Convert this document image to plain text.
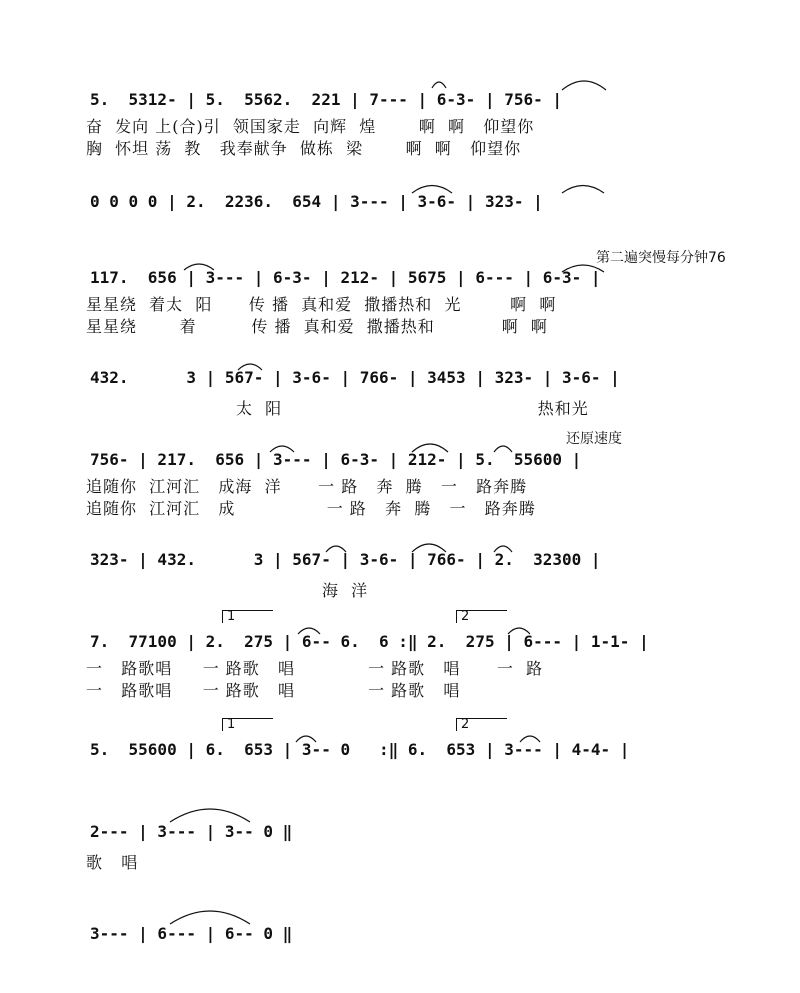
5.  5312- | 5.  5562.  221 | 7--- | 6-3- | 756- |
奋  发向 上(合)引  领国家走  向辉  煌       啊  啊   仰望你
胸  怀坦 荡  教   我奉献争  做栋  梁       啊  啊   仰望你
0 0 0 0 | 2.  2236.  654 | 3--- | 3-6- | 323- |
第二遍突慢每分钟76
117.  656 | 3--- | 6-3- | 212- | 5675 | 6--- | 6-3- |
星星绕  着太  阳      传 播  真和爱  撒播热和  光        啊  啊
星星绕       着         传 播  真和爱  撒播热和           啊  啊
432.      3 | 567- | 3-6- | 766- | 3453 | 323- | 3-6- |
太  阳                                          热和光
还原速度
756- | 217.  656 | 3--- | 6-3- | 212- | 5.  55600 |
追随你  江河汇   成海  洋      一 路   奔  腾   一   路奔腾
追随你  江河汇   成               一 路   奔  腾   一   路奔腾
323- | 432.      3 | 567- | 3-6- | 766- | 2.  32300 |
海  洋
1	2
7.  77100 | 2.  275 | 6-- 6.  6 :‖ 2.  275 | 6--- | 1-1- |
一   路歌唱     一 路歌   唱            一 路歌   唱      一  路
一   路歌唱     一 路歌   唱            一 路歌   唱
1	2
5.  55600 | 6.  653 | 3-- 0   :‖ 6.  653 | 3--- | 4-4- |
2--- | 3--- | 3-- 0 ‖
歌   唱
3--- | 6--- | 6-- 0 ‖
